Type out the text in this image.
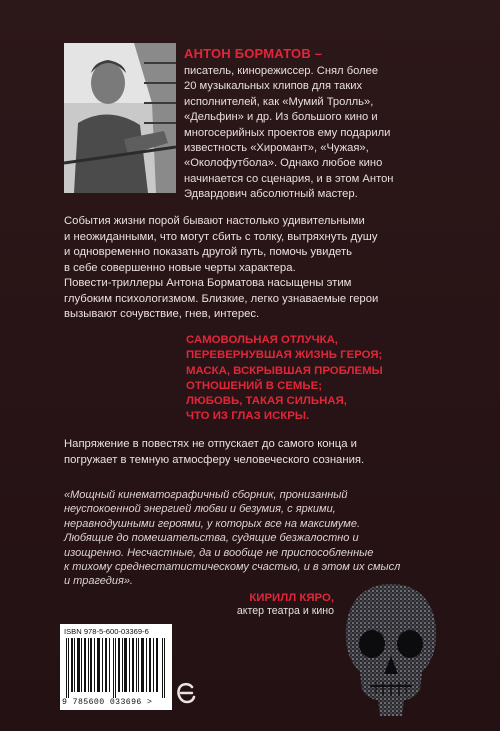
АНТОН БОРМАТОВ –
писатель, кинорежиссер. Снял более
20 музыкальных клипов для таких
исполнителей, как «Мумий Тролль»,
«Дельфин» и др. Из большого кино и
многосерийных проектов ему подарили
известность «Хиромант», «Чужая»,
«Околофутбола». Однако любое кино
начинается со сценария, и в этом Антон
Эдвардович абсолютный мастер.
События жизни порой бывают настолько удивительными
и неожиданными, что могут сбить с толку, вытряхнуть душу
и одновременно показать другой путь, помочь увидеть
в себе совершенно новые черты характера.
Повести-триллеры Антона Борматова насыщены этим
глубоким психологизмом. Близкие, легко узнаваемые герои
вызывают сочувствие, гнев, интерес.
САМОВОЛЬНАЯ ОТЛУЧКА,
ПЕРЕВЕРНУВШАЯ ЖИЗНЬ ГЕРОЯ;
МАСКА, ВСКРЫВШАЯ ПРОБЛЕМЫ
ОТНОШЕНИЙ В СЕМЬЕ;
ЛЮБОВЬ, ТАКАЯ СИЛЬНАЯ,
ЧТО ИЗ ГЛАЗ ИСКРЫ.
Напряжение в повестях не отпускает до самого конца и
погружает в темную атмосферу человеческого сознания.
«Мощный кинематографичный сборник, пронизанный
неуспокоенной энергией любви и безумия, с яркими,
неравнодушными героями, у которых все на максимуме.
Любящие до помешательства, судящие безжалостно и
изощренно. Несчастные, да и вообще не приспособленные
к тихому среднестатистическому счастью, и в этом их смысл
и трагедия».
КИРИЛЛ КЯРО,
актер театра и кино
ISBN 978-5-600-03369-6
9 785600 033696 >
